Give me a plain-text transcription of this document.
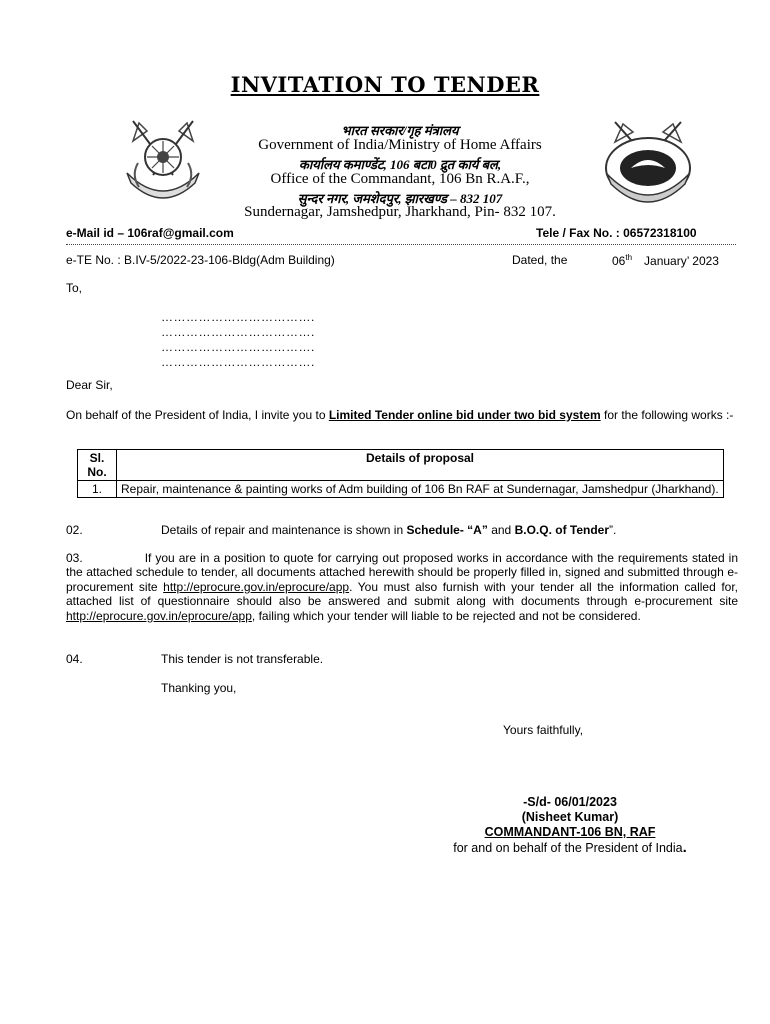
INVITATION TO TENDER
भारत सरकार/गृह मंत्रालय
Government of India/Ministry of Home Affairs
कार्यालय कमाण्डेंट, 106 बटा0 द्रुत कार्य बल,
Office of the Commandant, 106 Bn R.A.F.,
सुन्दर नगर, जमशेदपुर, झारखण्ड – 832 107
Sundernagar, Jamshedpur, Jharkhand, Pin- 832 107.
e-Mail id – 106raf@gmail.com	Tele / Fax No. : 06572318100
e-TE No. : B.IV-5/2022-23-106-Bldg(Adm Building)	Dated, the	06th January’ 2023
To,
……………………………….
……………………………….
……………………………….
……………………………….
Dear Sir,
On behalf of the President of India, I invite you to Limited Tender online bid under two bid system for the following works :-
Sl.
No.	Details of proposal
1.	Repair, maintenance & painting works of Adm building of 106 Bn RAF at Sundernagar, Jamshedpur (Jharkhand).
02.	Details of repair and maintenance is shown in Schedule- “A” and B.O.Q. of Tender”.
03.	If you are in a position to quote for carrying out proposed works in accordance with the requirements stated in the attached schedule to tender, all documents attached herewith should be properly filled in, signed and submitted through e-procurement site http://eprocure.gov.in/eprocure/app. You must also furnish with your tender all the information called for, attached list of questionnaire should also be answered and submit along with documents through e-procurement site http://eprocure.gov.in/eprocure/app, failing which your tender will liable to be rejected and not be considered.
04.	This tender is not transferable.
Thanking you,
Yours faithfully,
-S/d- 06/01/2023
(Nisheet Kumar)
COMMANDANT-106 BN, RAF
for and on behalf of the President of India.
